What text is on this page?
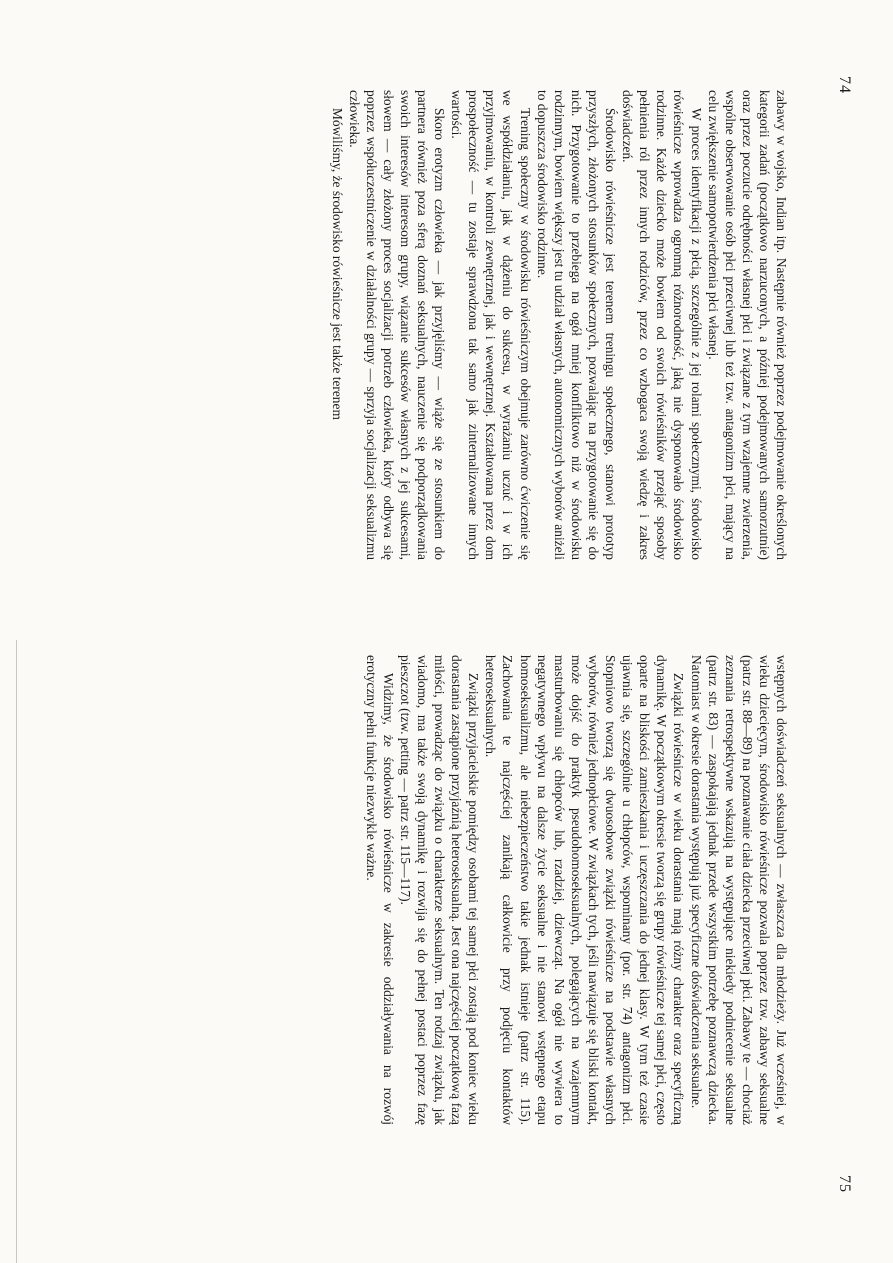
74

zabawy w wojsko, Indian itp. Następnie również poprzez podejmowanie określonych kategorii zadań (początkowo narzuconych, a później podejmowanych samorzutnie) oraz przez poczucie odrębności własnej płci i związane z tym wzajemne zwierzenia, wspólne obserwowanie osób płci przeciwnej lub też tzw. antagonizm płci, mający na celu zwiększenie samopotwierdzenia płci własnej.

W proces identyfikacji z płcią, szczególnie z jej rolami społecznymi, środowisko rówieśnicze wprowadza ogromną różnorodność, jaką nie dysponowało środowisko rodzinne. Każde dziecko może bowiem od swoich rówieśników przejąć sposoby pełnienia ról przez innych rodziców, przez co wzbogaca swoją wiedzę i zakres doświadczeń.

Środowisko rówieśnicze jest terenem treningu społecznego, stanowi prototyp przyszłych, złożonych stosunków społecznych, pozwalając na przygotowanie się do nich. Przygotowanie to przebiega na ogół mniej konfliktowo niż w środowisku rodzinnym, bowiem większy jest tu udział własnych, autonomicznych wyborów aniżeli to dopuszcza środowisko rodzinne.

Trening społeczny w środowisku rówieśniczym obejmuje zarówno ćwiczenie się we współdziałaniu, jak w dążeniu do sukcesu, w wyrażaniu uczuć i w ich przyjmowaniu, w kontroli zewnętrznej, jak i wewnętrznej. Kształtowana przez dom prospołeczność — tu zostaje sprawdzona tak samo jak zinternalizowane innych wartości.

Skoro erotyzm człowieka — jak przyjęliśmy — wiąże się ze stosunkiem do partnera również poza sferą doznań seksualnych, nauczenie się podporządkowania swoich interesów interesom grupy, wiązanie sukcesów własnych z jej sukcesami, słowem — cały złożony proces socjalizacji potrzeb człowieka, który odbywa się poprzez współuczestniczenie w działalności grupy — sprzyja socjalizacji seksualizmu człowieka.

Mówiliśmy, że środowisko rówieśnicze jest także terenem

75

wstępnych doświadczeń seksualnych — zwłaszcza dla młodzieży. Już wcześniej, w wieku dziecięcym, środowisko rówieśnicze pozwala poprzez tzw. zabawy seksualne (patrz str. 88—89) na poznawanie ciała dziecka przeciwnej płci. Zabawy te — chociaż zeznania retrospektywne wskazują na występujące niekiedy podniecenie seksualne (patrz str. 83) — zaspokajają jednak przede wszystkim potrzebę poznawczą dziecka. Natomiast w okresie dorastania występują już specyficzne doświadczenia seksualne.

Związki rówieśnicze w wieku dorastania mają różny charakter oraz specyficzną dynamikę. W początkowym okresie tworzą się grupy rówieśnicze tej samej płci, często oparte na bliskości zamieszkania i uczęszczania do jednej klasy. W tym też czasie ujawnia się, szczególnie u chłopców, wspominany (por. str. 74) antagonizm płci. Stopniowo tworzą się dwuosobowe związki rówieśnicze na podstawie własnych wyborów, również jednopłciowe. W związkach tych, jeśli nawiązuje się bliski kontakt, może dojść do praktyk pseudohomoseksualnych, polegających na wzajemnym masturbowaniu się chłopców lub, rzadziej, dziewcząt. Na ogół nie wywiera to negatywnego wpływu na dalsze życie seksualne i nie stanowi wstępnego etapu homoseksualizmu, ale niebezpieczeństwo takie jednak istnieje (patrz str. 115). Zachowania te najczęściej zanikają całkowicie przy podjęciu kontaktów heteroseksualnych.

Związki przyjacielskie pomiędzy osobami tej samej płci zostają pod koniec wieku dorastania zastąpione przyjaźnią heteroseksualną. Jest ona najczęściej początkową fazą miłości, prowadząc do związku o charakterze seksualnym. Ten rodzaj związku, jak wiadomo, ma także swoją dynamikę i rozwija się do pełnej postaci poprzez fazę pieszczot (tzw. petting — patrz str. 115—117).

Widzimy, że środowisko rówieśnicze w zakresie oddziaływania na rozwój erotyczny pełni funkcje niezwykle ważne.
